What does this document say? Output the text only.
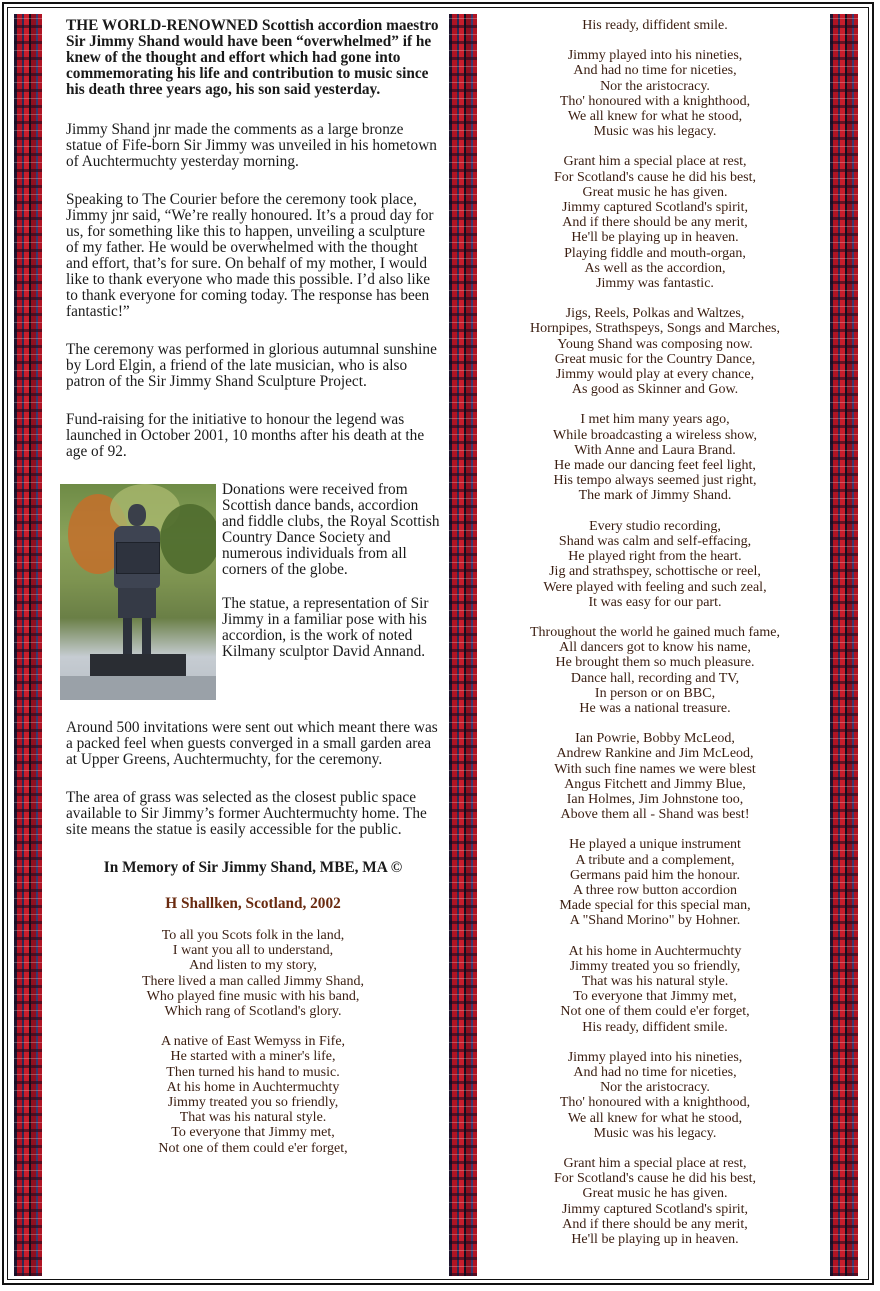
THE WORLD-RENOWNED Scottish accordion maestro Sir Jimmy Shand would have been “overwhelmed” if he knew of the thought and effort which had gone into commemorating his life and contribution to music since his death three years ago, his son said yesterday.

Jimmy Shand jnr made the comments as a large bronze statue of Fife-born Sir Jimmy was unveiled in his hometown of Auchtermuchty yesterday morning.

Speaking to The Courier before the ceremony took place, Jimmy jnr said, “We’re really honoured. It’s a proud day for us, for something like this to happen, unveiling a sculpture of my father. He would be overwhelmed with the thought and effort, that’s for sure. On behalf of my mother, I would like to thank everyone who made this possible. I’d also like to thank everyone for coming today. The response has been fantastic!”

The ceremony was performed in glorious autumnal sunshine by Lord Elgin, a friend of the late musician, who is also patron of the Sir Jimmy Shand Sculpture Project.

Fund-raising for the initiative to honour the legend was launched in October 2001, 10 months after his death at the age of 92.

Donations were received from Scottish dance bands, accordion and fiddle clubs, the Royal Scottish Country Dance Society and numerous individuals from all corners of the globe.

The statue, a representation of Sir Jimmy in a familiar pose with his accordion, is the work of noted Kilmany sculptor David Annand.

Around 500 invitations were sent out which meant there was a packed feel when guests converged in a small garden area at Upper Greens, Auchtermuchty, for the ceremony.

The area of grass was selected as the closest public space available to Sir Jimmy’s former Auchtermuchty home. The site means the statue is easily accessible for the public.

In Memory of Sir Jimmy Shand, MBE, MA ©
H Shallken, Scotland, 2002
To all you Scots folk in the land,
I want you all to understand,
And listen to my story,
There lived a man called Jimmy Shand,
Who played fine music with his band,
Which rang of Scotland's glory.
A native of East Wemyss in Fife,
He started with a miner's life,
Then turned his hand to music.
At his home in Auchtermuchty
Jimmy treated you so friendly,
That was his natural style.
To everyone that Jimmy met,
Not one of them could e'er forget,
His ready, diffident smile.
Jimmy played into his nineties,
And had no time for niceties,
Nor the aristocracy.
Tho' honoured with a knighthood,
We all knew for what he stood,
Music was his legacy.
Grant him a special place at rest,
For Scotland's cause he did his best,
Great music he has given.
Jimmy captured Scotland's spirit,
And if there should be any merit,
He'll be playing up in heaven.
Playing fiddle and mouth-organ,
As well as the accordion,
Jimmy was fantastic.
Jigs, Reels, Polkas and Waltzes,
Hornpipes, Strathspeys, Songs and Marches,
Young Shand was composing now.
Great music for the Country Dance,
Jimmy would play at every chance,
As good as Skinner and Gow.
I met him many years ago,
While broadcasting a wireless show,
With Anne and Laura Brand.
He made our dancing feet feel light,
His tempo always seemed just right,
The mark of Jimmy Shand.
Every studio recording,
Shand was calm and self-effacing,
He played right from the heart.
Jig and strathspey, schottische or reel,
Were played with feeling and such zeal,
It was easy for our part.
Throughout the world he gained much fame,
All dancers got to know his name,
He brought them so much pleasure.
Dance hall, recording and TV,
In person or on BBC,
He was a national treasure.
Ian Powrie, Bobby McLeod,
Andrew Rankine and Jim McLeod,
With such fine names we were blest
Angus Fitchett and Jimmy Blue,
Ian Holmes, Jim Johnstone too,
Above them all - Shand was best!
He played a unique instrument
A tribute and a complement,
Germans paid him the honour.
A three row button accordion
Made special for this special man,
A "Shand Morino" by Hohner.
At his home in Auchtermuchty
Jimmy treated you so friendly,
That was his natural style.
To everyone that Jimmy met,
Not one of them could e'er forget,
His ready, diffident smile.
Jimmy played into his nineties,
And had no time for niceties,
Nor the aristocracy.
Tho' honoured with a knighthood,
We all knew for what he stood,
Music was his legacy.
Grant him a special place at rest,
For Scotland's cause he did his best,
Great music he has given.
Jimmy captured Scotland's spirit,
And if there should be any merit,
He'll be playing up in heaven.
